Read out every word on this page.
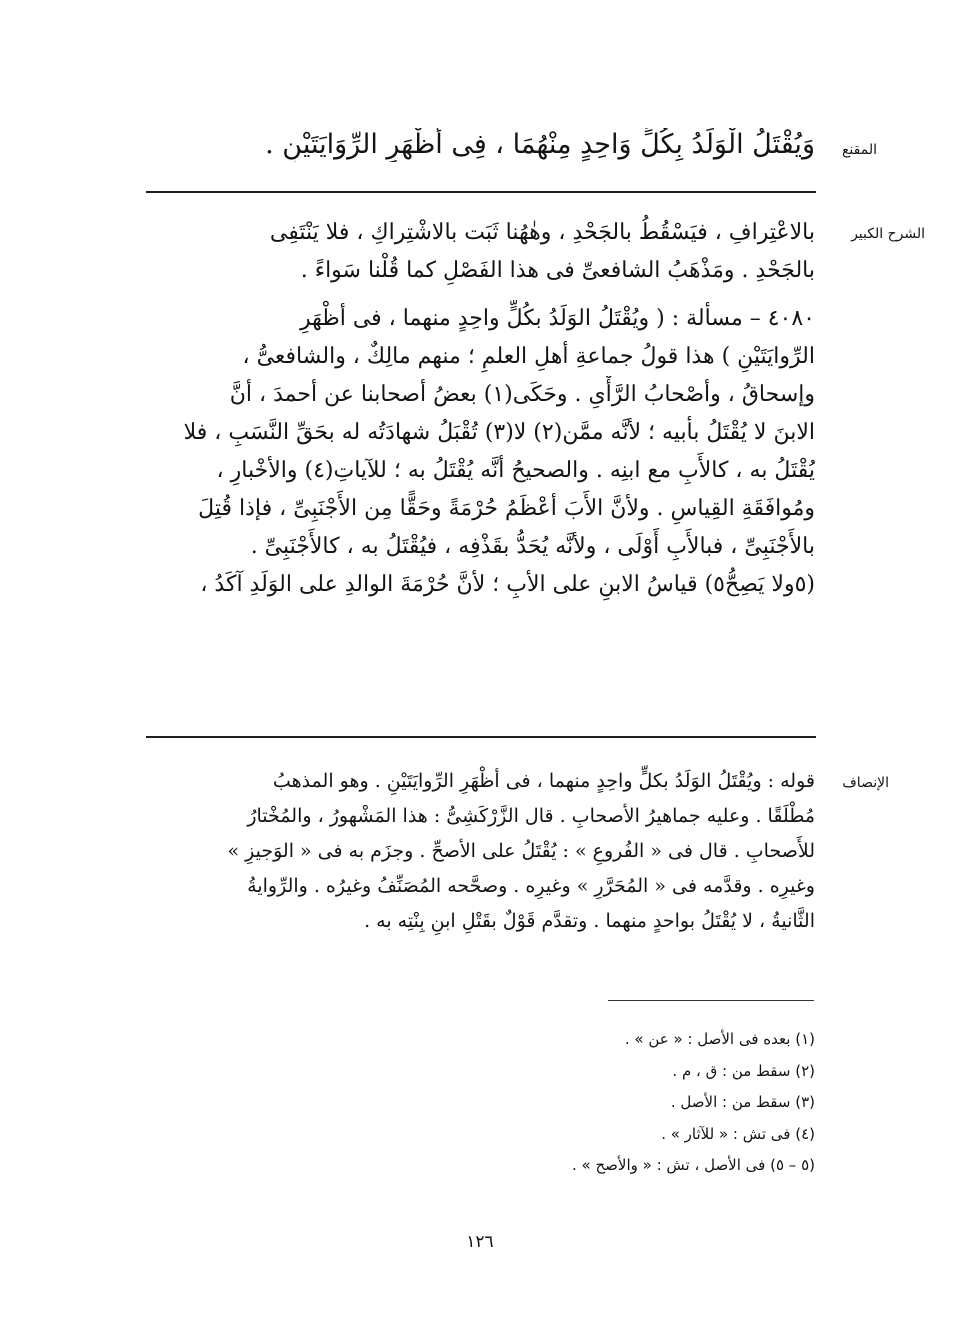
المقنع
الشرح الكبير
الإنصاف
وَيُقْتَلُ الْوَلَدُ بِكُلٍّ وَاحِدٍ مِنْهُمَا ، فِى أَظْهَرِ الرِّوَايَتَيْنِ .
بالاعْتِرافِ ، فيَسْقُطُ بالجَحْدِ ، وهٰهُنا ثَبَت بالاشْتِراكِ ، فلا يَنْتَفِى
بالجَحْدِ . ومَذْهَبُ الشافعىِّ فى هذا الفَصْلِ كما قُلْنا سَواءً .
٤٠٨٠ – مسألة : ( ويُقْتَلُ الوَلَدُ بكُلٍّ واحِدٍ منهما ، فى أظْهَرِ
الرِّوايَتَيْنِ ) هذا قولُ جماعةِ أهلِ العلمِ ؛ منهم مالِكٌ ، والشافعىُّ ،
وإسحاقُ ، وأصْحابُ الرَّأْىِ . وحَكَى(١) بعضُ أصحابنا عن أحمدَ ، أنَّ
الابنَ لا يُقْتَلُ بأبيه ؛ لأنَّه ممَّن(٢) لا(٣) تُقْبَلُ شهادَتُه له بحَقِّ النَّسَبِ ، فلا
يُقْتَلُ به ، كالأَبِ مع ابنِه . والصحيحُ أنَّه يُقْتَلُ به ؛ للآياتِ(٤) والأخْبارِ ،
ومُوافَقَةِ القِياسِ . ولأنَّ الأَبَ أعْظَمُ حُرْمَةً وحَقًّا مِن الأَجْنَبِىِّ ، فإذا قُتِلَ
بالأَجْنَبِىِّ ، فبالأَبِ أَوْلَى ، ولأنَّه يُحَدُّ بقَذْفِه ، فيُقْتَلُ به ، كالأَجْنَبِىِّ .
(٥ولا يَصِحُّ٥) قياسُ الابنِ على الأبِ ؛ لأنَّ حُرْمَةَ الوالدِ على الوَلَدِ آكَدُ ،
قوله : ويُقْتَلُ الوَلَدُ بكلٍّ واحِدٍ منهما ، فى أظْهَرِ الرِّوايَتَيْنِ . وهو المذهبُ
مُطْلَقًا . وعليه جماهيرُ الأصحابِ . قال الزَّرْكَشِىُّ : هذا المَشْهورُ ، والمُخْتارُ
للأَصحابِ . قال فى « الفُروعِ » : يُقْتَلُ على الأصحِّ . وجزَم به فى « الوَجيزِ »
وغيرِه . وقدَّمه فى « المُحَرَّرِ » وغيرِه . وصحَّحه المُصَنِّفُ وغيرُه . والرِّوايةُ
الثَّانيةُ ، لا يُقْتَلُ بواحدٍ منهما . وتقدَّم قَوْلٌ بقَتْلِ ابنِ بِنْتِه به .
(١) بعده فى الأصل : « عن » .
(٢) سقط من : ق ، م .
(٣) سقط من : الأصل .
(٤) فى تش : « للآثار » .
(٥ – ٥) فى الأصل ، تش : « والأصح » .
١٢٦
